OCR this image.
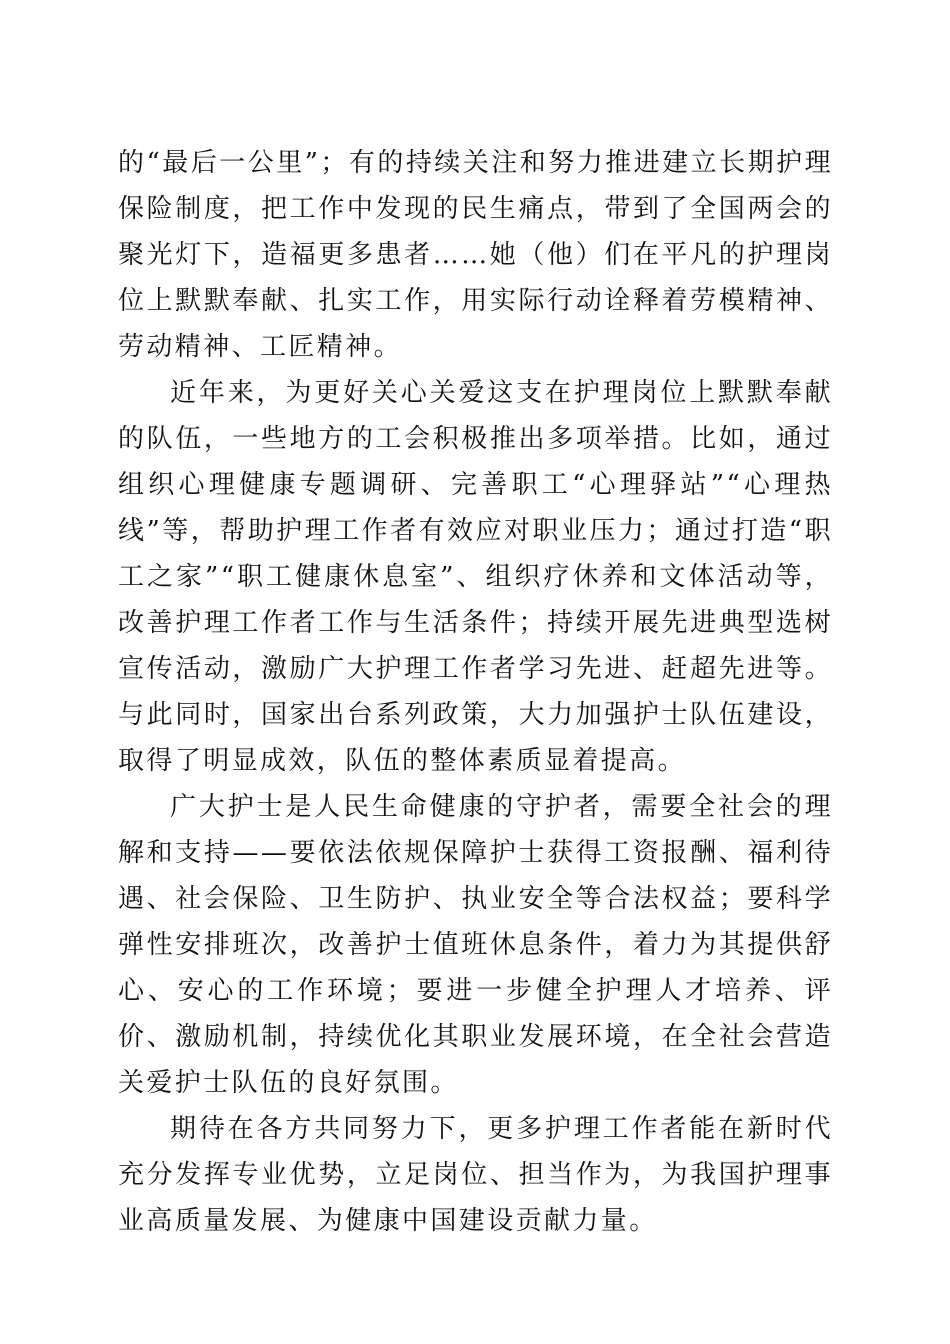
的“最后一公里”；有的持续关注和努力推进建立长期护理保险制度，把工作中发现的民生痛点，带到了全国两会的聚光灯下，造福更多患者……她（他）们在平凡的护理岗位上默默奉献、扎实工作，用实际行动诠释着劳模精神、劳动精神、工匠精神。

近年来，为更好关心关爱这支在护理岗位上默默奉献的队伍，一些地方的工会积极推出多项举措。比如，通过组织心理健康专题调研、完善职工“心理驿站”“心理热线”等，帮助护理工作者有效应对职业压力；通过打造“职工之家”“职工健康休息室”、组织疗休养和文体活动等，改善护理工作者工作与生活条件；持续开展先进典型选树宣传活动，激励广大护理工作者学习先进、赶超先进等。与此同时，国家出台系列政策，大力加强护士队伍建设，取得了明显成效，队伍的整体素质显着提高。

广大护士是人民生命健康的守护者，需要全社会的理解和支持——要依法依规保障护士获得工资报酬、福利待遇、社会保险、卫生防护、执业安全等合法权益；要科学弹性安排班次，改善护士值班休息条件，着力为其提供舒心、安心的工作环境；要进一步健全护理人才培养、评价、激励机制，持续优化其职业发展环境，在全社会营造关爱护士队伍的良好氛围。

期待在各方共同努力下，更多护理工作者能在新时代充分发挥专业优势，立足岗位、担当作为，为我国护理事业高质量发展、为健康中国建设贡献力量。
